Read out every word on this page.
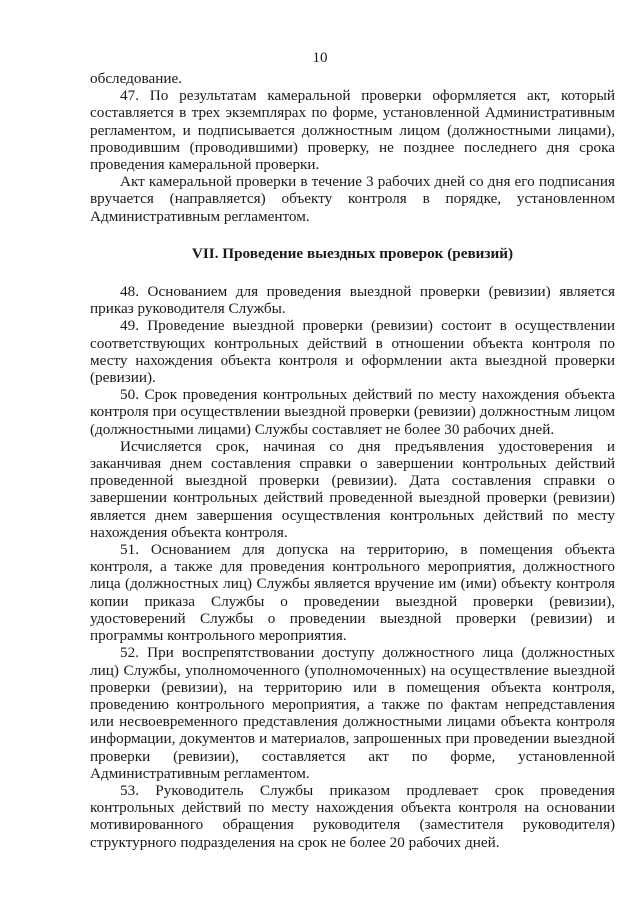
10

обследование.

47. По результатам камеральной проверки оформляется акт, который составляется в трех экземплярах по форме, установленной Административным регламентом, и подписывается должностным лицом (должностными лицами), проводившим (проводившими) проверку, не позднее последнего дня срока проведения камеральной проверки.

Акт камеральной проверки в течение 3 рабочих дней со дня его подписания вручается (направляется) объекту контроля в порядке, установленном Административным регламентом.

VII. Проведение выездных проверок (ревизий)

48. Основанием для проведения выездной проверки (ревизии) является приказ руководителя Службы.

49. Проведение выездной проверки (ревизии) состоит в осуществлении соответствующих контрольных действий в отношении объекта контроля по месту нахождения объекта контроля и оформлении акта выездной проверки (ревизии).

50. Срок проведения контрольных действий по месту нахождения объекта контроля при осуществлении выездной проверки (ревизии) должностным лицом (должностными лицами) Службы составляет не более 30 рабочих дней.

Исчисляется срок, начиная со дня предъявления удостоверения и заканчивая днем составления справки о завершении контрольных действий проведенной выездной проверки (ревизии). Дата составления справки о завершении контрольных действий проведенной выездной проверки (ревизии) является днем завершения осуществления контрольных действий по месту нахождения объекта контроля.

51. Основанием для допуска на территорию, в помещения объекта контроля, а также для проведения контрольного мероприятия, должностного лица (должностных лиц) Службы является вручение им (ими) объекту контроля копии приказа Службы о проведении выездной проверки (ревизии), удостоверений Службы о проведении выездной проверки (ревизии) и программы контрольного мероприятия.

52. При воспрепятствовании доступу должностного лица (должностных лиц) Службы, уполномоченного (уполномоченных) на осуществление выездной проверки (ревизии), на территорию или в помещения объекта контроля, проведению контрольного мероприятия, а также по фактам непредставления или несвоевременного представления должностными лицами объекта контроля информации, документов и материалов, запрошенных при проведении выездной проверки (ревизии), составляется акт по форме, установленной Административным регламентом.

53. Руководитель Службы приказом продлевает срок проведения контрольных действий по месту нахождения объекта контроля на основании мотивированного обращения руководителя (заместителя руководителя) структурного подразделения на срок не более 20 рабочих дней.
